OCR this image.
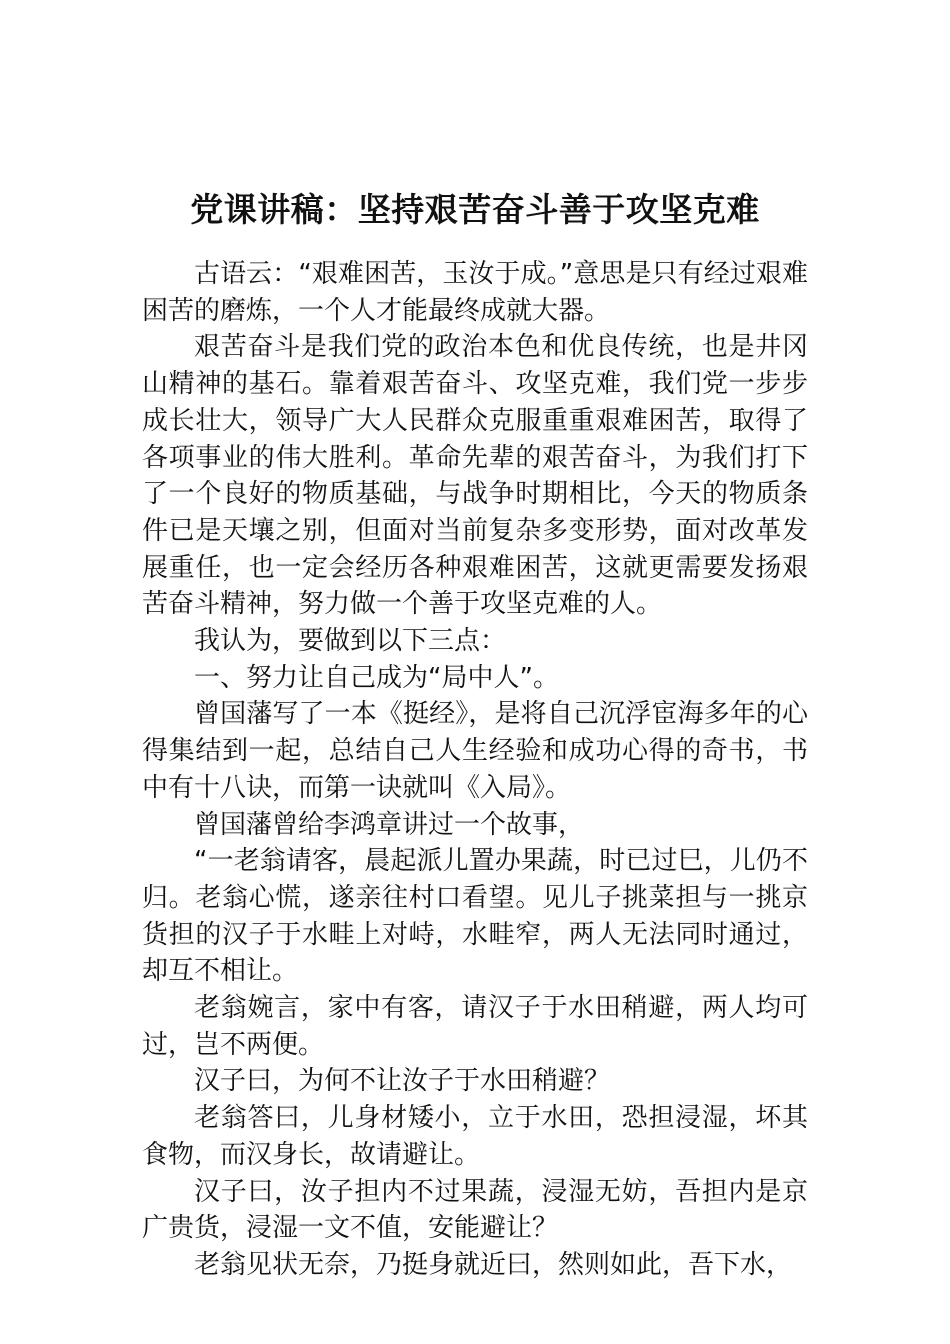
党课讲稿：坚持艰苦奋斗善于攻坚克难

古语云：“艰难困苦，玉汝于成。”意思是只有经过艰难困苦的磨炼，一个人才能最终成就大器。

艰苦奋斗是我们党的政治本色和优良传统，也是井冈山精神的基石。靠着艰苦奋斗、攻坚克难，我们党一步步成长壮大，领导广大人民群众克服重重艰难困苦，取得了各项事业的伟大胜利。革命先辈的艰苦奋斗，为我们打下了一个良好的物质基础，与战争时期相比，今天的物质条件已是天壤之别，但面对当前复杂多变形势，面对改革发展重任，也一定会经历各种艰难困苦，这就更需要发扬艰苦奋斗精神，努力做一个善于攻坚克难的人。

我认为，要做到以下三点：

一、努力让自己成为“局中人”。

曾国藩写了一本《挺经》，是将自己沉浮宦海多年的心得集结到一起，总结自己人生经验和成功心得的奇书，书中有十八诀，而第一诀就叫《入局》。

曾国藩曾给李鸿章讲过一个故事，

“一老翁请客，晨起派儿置办果蔬，时已过巳，儿仍不归。老翁心慌，遂亲往村口看望。见儿子挑菜担与一挑京货担的汉子于水畦上对峙，水畦窄，两人无法同时通过，却互不相让。

老翁婉言，家中有客，请汉子于水田稍避，两人均可过，岂不两便。

汉子曰，为何不让汝子于水田稍避？

老翁答曰，儿身材矮小，立于水田，恐担浸湿，坏其食物，而汉身长，故请避让。

汉子曰，汝子担内不过果蔬，浸湿无妨，吾担内是京广贵货，浸湿一文不值，安能避让？

老翁见状无奈，乃挺身就近曰，然则如此，吾下水，
